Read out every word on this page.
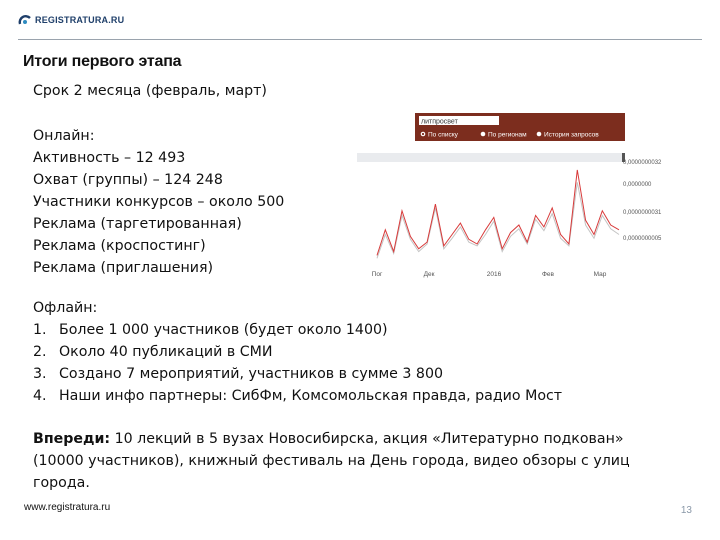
REGISTRATURA.RU
Итоги первого этапа
Срок 2 месяца (февраль, март)
Онлайн:
Активность – 12 493
Охват (группы) – 124 248
Участники конкурсов – около 500
Реклама (таргетированная)
Реклама (кроспостинг)
Реклама (приглашения)
Офлайн:
1. Более 1 000 участников (будет около 1400)
2. Около 40 публикаций в СМИ
3. Создано 7 мероприятий, участников в сумме 3 800
4. Наши инфо партнеры: СибФм, Комсомольская правда, радио Мост
Впереди: 10 лекций в 5 вузах Новосибирска, акция «Литературно подкован»
(10000 участников), книжный фестиваль на День города, видео обзоры с улиц
города.
литпросвет
По списку	По регионам	История запросов
0,0000000032
0,0000000
0,0000000031
0,0000000005
Пог	Дек	2016	Фев	Мар
www.registratura.ru	13
